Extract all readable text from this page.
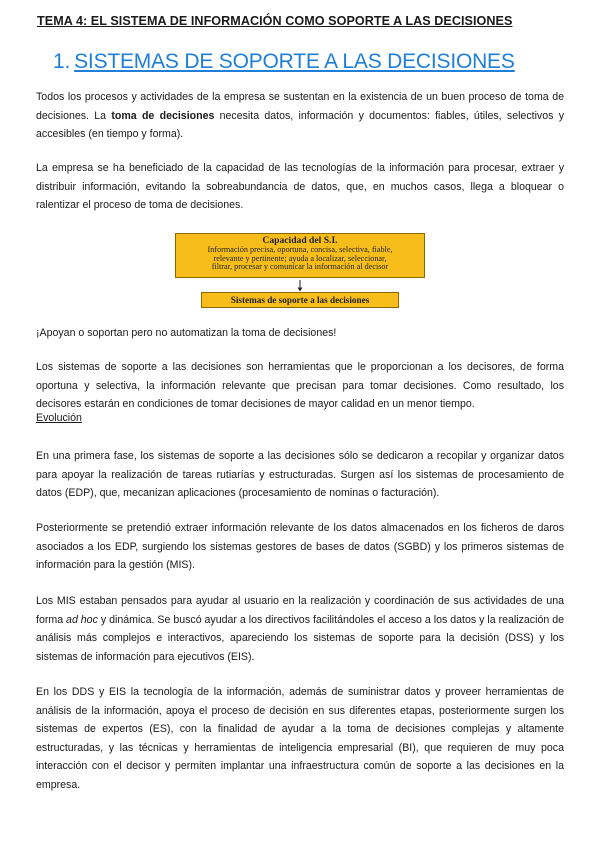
TEMA 4: EL SISTEMA DE INFORMACIÓN COMO SOPORTE A LAS DECISIONES
1. SISTEMAS DE SOPORTE A LAS DECISIONES

Todos los procesos y actividades de la empresa se sustentan en la existencia de un buen proceso de toma de decisiones. La toma de decisiones necesita datos, información y documentos: fiables, útiles, selectivos y accesibles (en tiempo y forma).

La empresa se ha beneficiado de la capacidad de las tecnologías de la información para procesar, extraer y distribuir información, evitando la sobreabundancia de datos, que, en muchos casos, llega a bloquear o ralentizar el proceso de toma de decisiones.

Capacidad del S.I.
Información precisa, oportuna, concisa, selectiva, fiable,
relevante y pertinente; ayuda a localizar, seleccionar,
filtrar, procesar y comunicar la información al decisor
Sistemas de soporte a las decisiones

¡Apoyan o soportan pero no automatizan la toma de decisiones!

Los sistemas de soporte a las decisiones son herramientas que le proporcionan a los decisores, de forma oportuna y selectiva, la información relevante que precisan para tomar decisiones. Como resultado, los decisores estarán en condiciones de tomar decisiones de mayor calidad en un menor tiempo.

Evolución

En una primera fase, los sistemas de soporte a las decisiones sólo se dedicaron a recopilar y organizar datos para apoyar la realización de tareas rutiarías y estructuradas. Surgen así los sistemas de procesamiento de datos (EDP), que, mecanizan aplicaciones (procesamiento de nominas o facturación).

Posteriormente se pretendió extraer información relevante de los datos almacenados en los ficheros de daros asociados a los EDP, surgiendo los sistemas gestores de bases de datos (SGBD) y los primeros sistemas de información para la gestión (MIS).

Los MIS estaban pensados para ayudar al usuario en la realización y coordinación de sus actividades de una forma ad hoc y dinámica. Se buscó ayudar a los directivos facilitándoles el acceso a los datos y la realización de análisis más complejos e interactivos, apareciendo los sistemas de soporte para la decisión (DSS) y los sistemas de información para ejecutivos (EIS).

En los DDS y EIS la tecnología de la información, además de suministrar datos y proveer herramientas de análisis de la información, apoya el proceso de decisión en sus diferentes etapas, posteriormente surgen los sistemas de expertos (ES), con la finalidad de ayudar a la toma de decisiones complejas y altamente estructuradas, y las técnicas y herramientas de inteligencia empresarial (BI), que requieren de muy poca interacción con el decisor y permiten implantar una infraestructura común de soporte a las decisiones en la empresa.
